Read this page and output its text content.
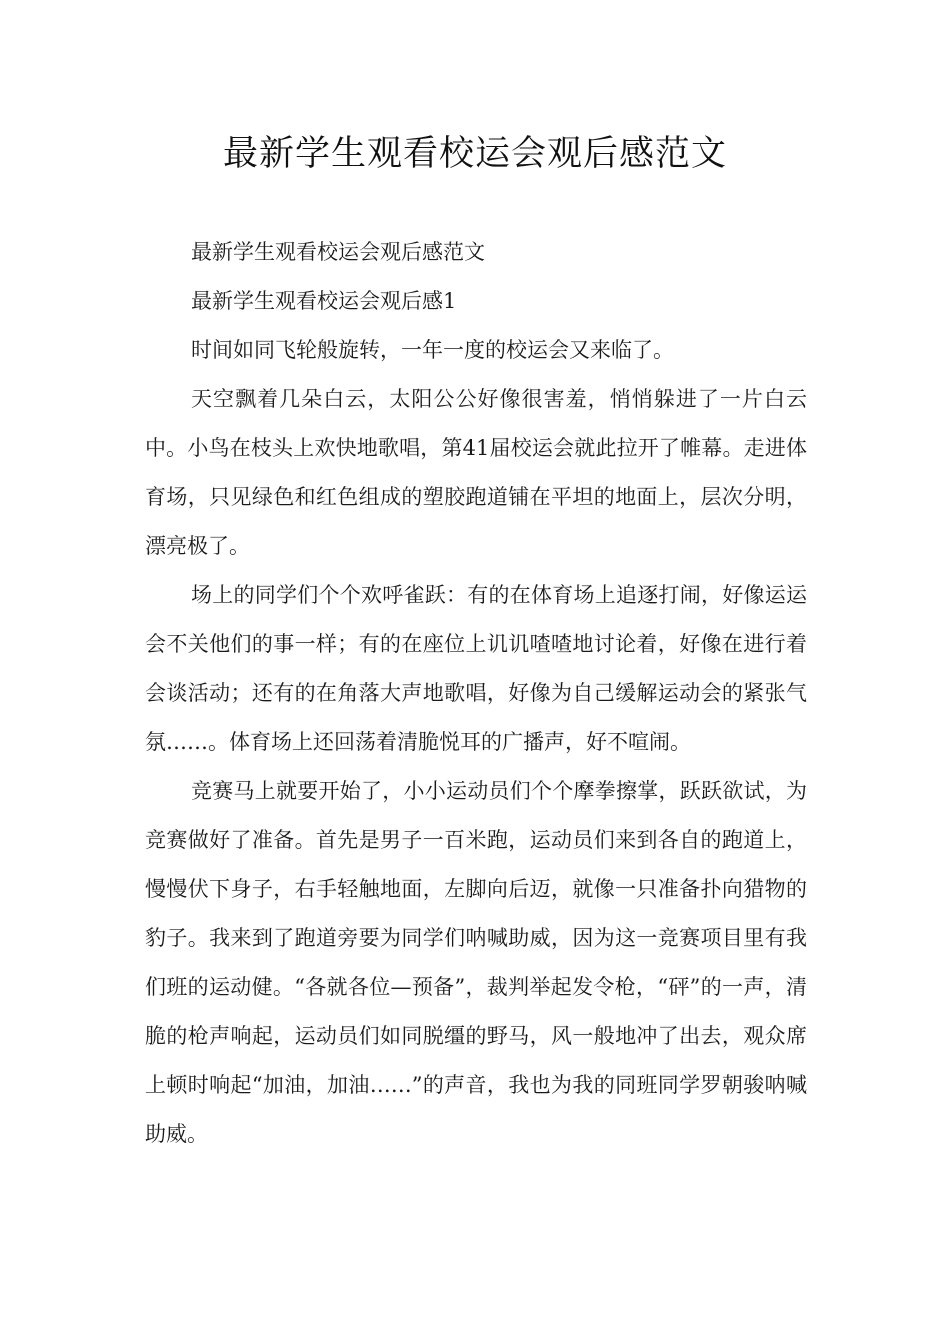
最新学生观看校运会观后感范文

最新学生观看校运会观后感范文

最新学生观看校运会观后感1

时间如同飞轮般旋转，一年一度的校运会又来临了。

天空飘着几朵白云，太阳公公好像很害羞，悄悄躲进了一片白云中。小鸟在枝头上欢快地歌唱，第41届校运会就此拉开了帷幕。走进体育场，只见绿色和红色组成的塑胶跑道铺在平坦的地面上，层次分明，漂亮极了。

场上的同学们个个欢呼雀跃：有的在体育场上追逐打闹，好像运运会不关他们的事一样；有的在座位上讥讥喳喳地讨论着，好像在进行着会谈活动；还有的在角落大声地歌唱，好像为自己缓解运动会的紧张气氛……。体育场上还回荡着清脆悦耳的广播声，好不喧闹。

竞赛马上就要开始了，小小运动员们个个摩拳擦掌，跃跃欲试，为竞赛做好了准备。首先是男子一百米跑，运动员们来到各自的跑道上，慢慢伏下身子，右手轻触地面，左脚向后迈，就像一只准备扑向猎物的豹子。我来到了跑道旁要为同学们呐喊助威，因为这一竞赛项目里有我们班的运动健。“各就各位—预备”，裁判举起发令枪，“砰”的一声，清脆的枪声响起，运动员们如同脱缰的野马，风一般地冲了出去，观众席上顿时响起“加油，加油……”的声音，我也为我的同班同学罗朝骏呐喊助威。
